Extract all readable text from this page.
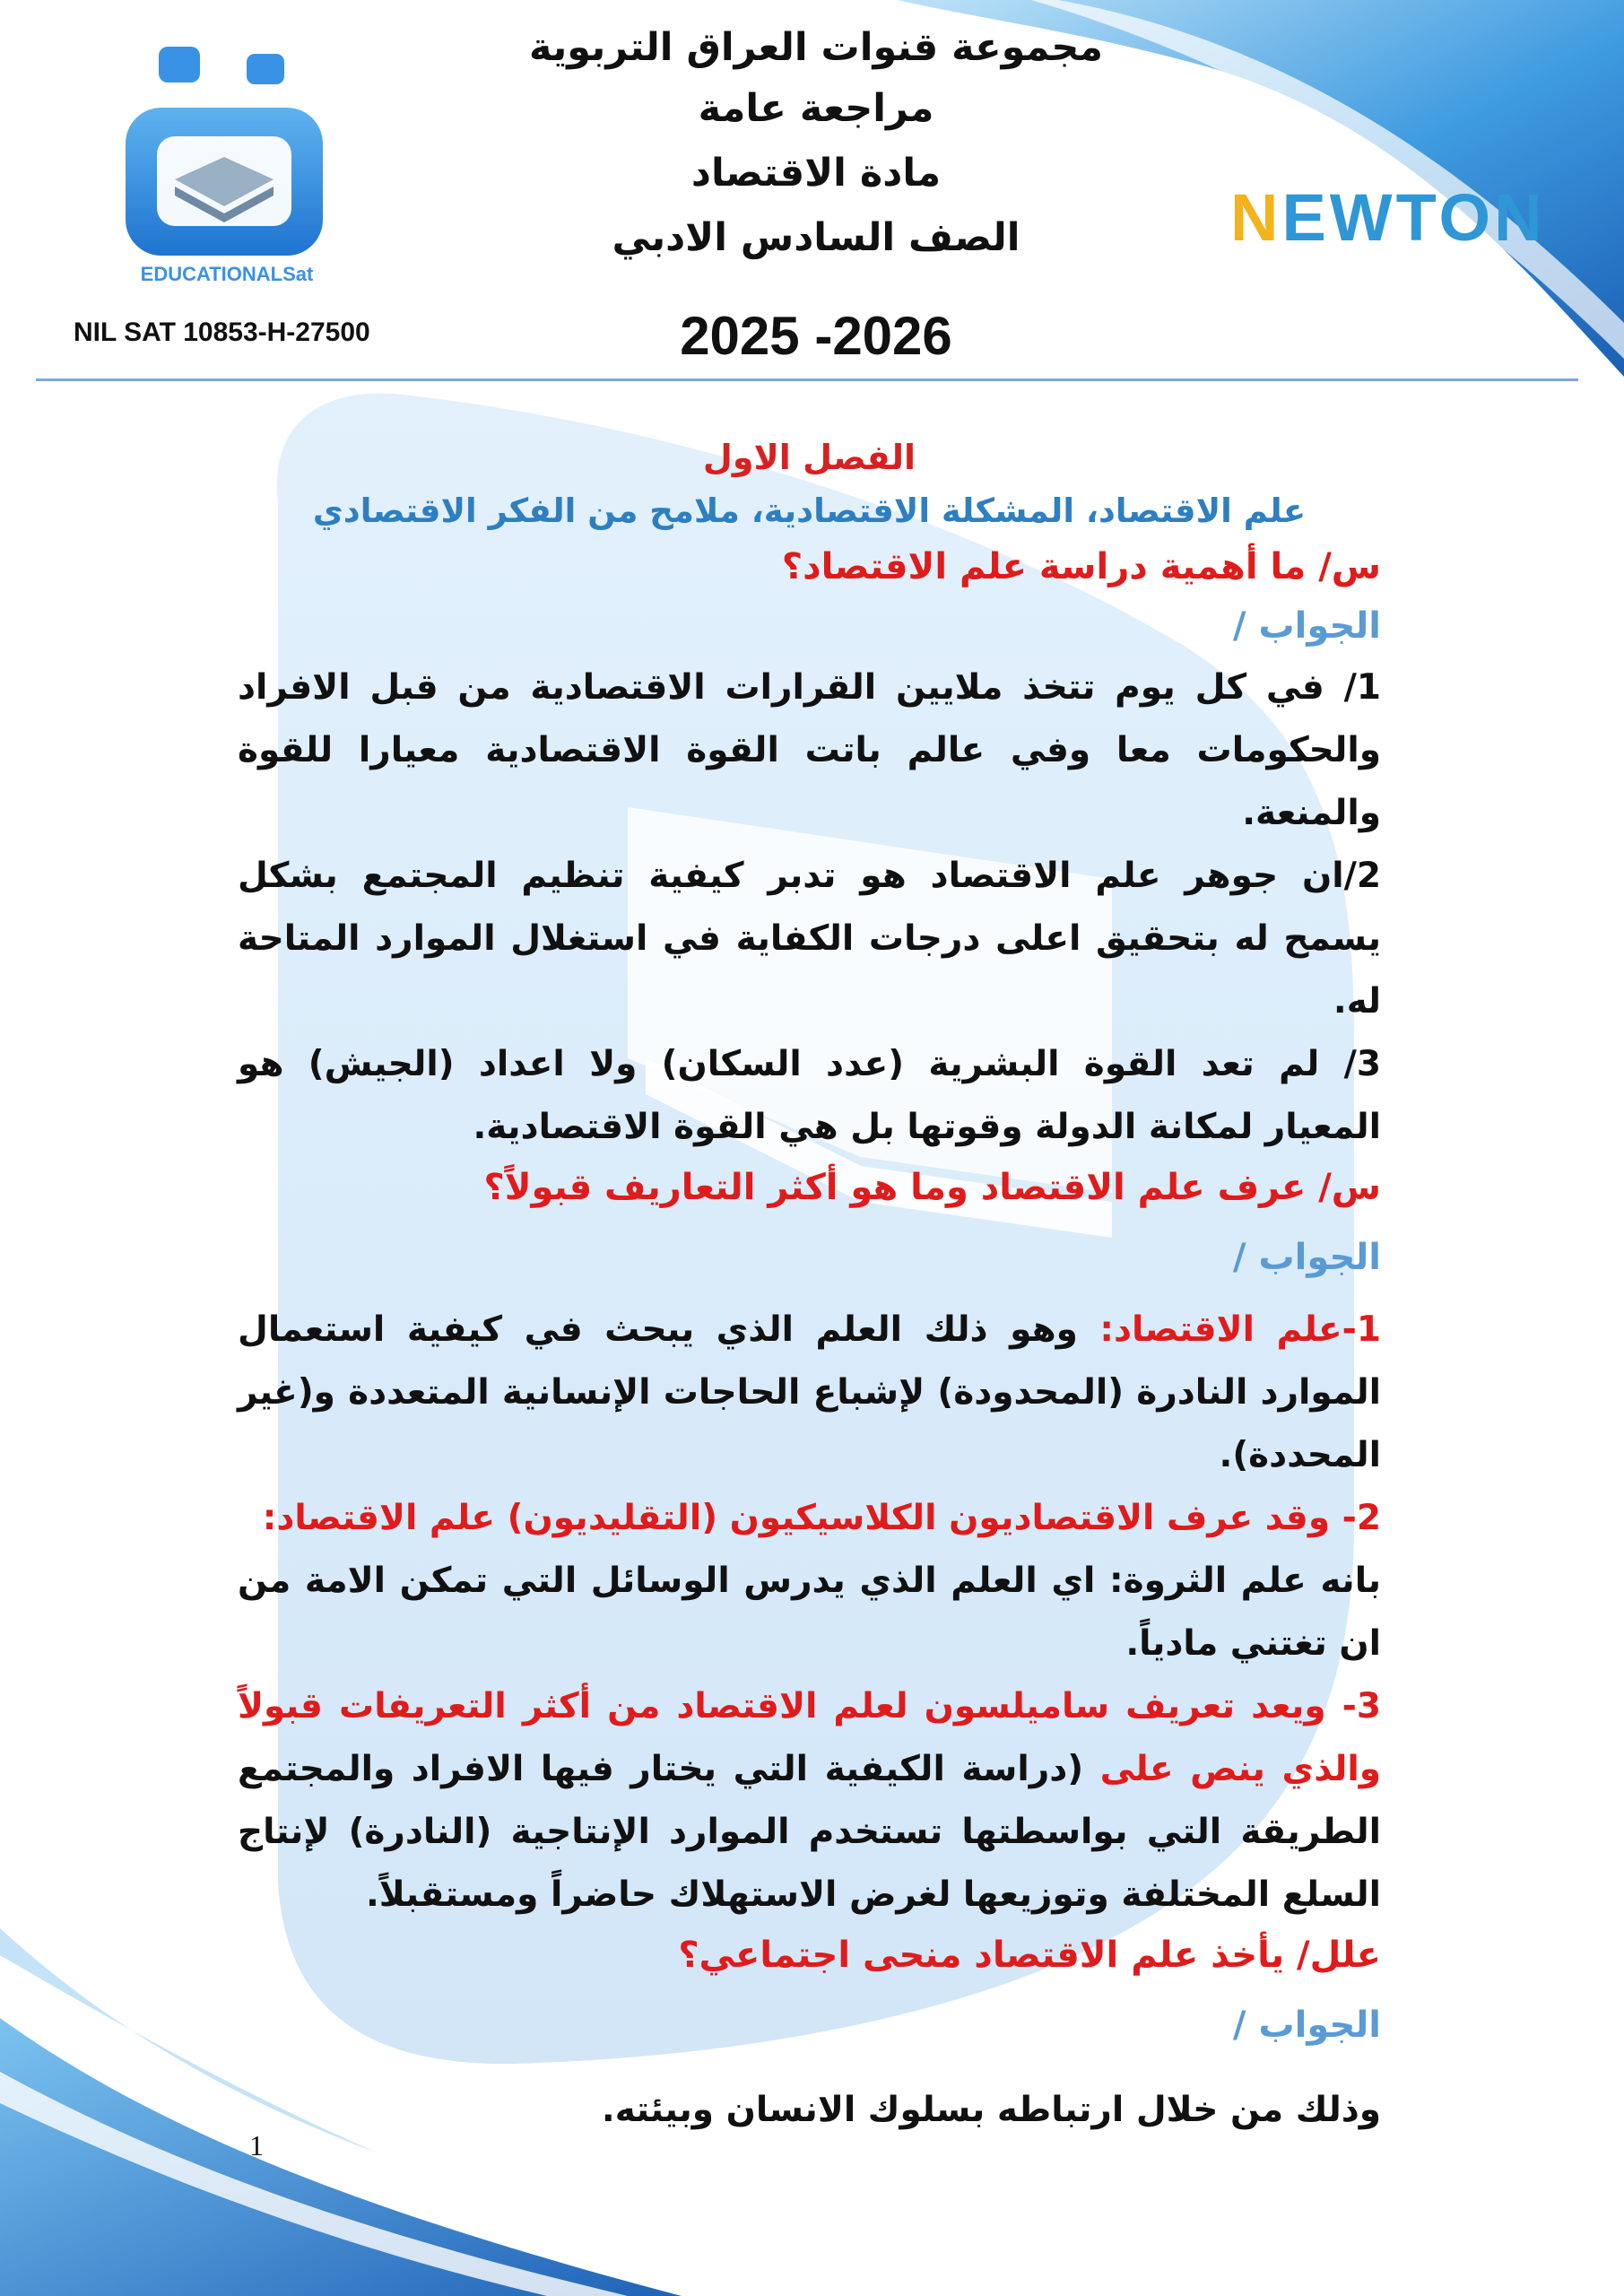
EDUCATIONALSat
مجموعة قنوات العراق التربوية
مراجعة عامة
مادة الاقتصاد
الصف السادس الادبي
2025 -2026
NIL SAT 10853-H-27500
NEWTON

الفصل الاول

علم الاقتصاد، المشكلة الاقتصادية، ملامح من الفكر الاقتصادي

س/ ما أهمية دراسة علم الاقتصاد؟

الجواب /

1/ في كل يوم تتخذ ملايين القرارات الاقتصادية من قبل الافراد والحكومات معا وفي عالم باتت القوة الاقتصادية معيارا للقوة والمنعة.

2/ان جوهر علم الاقتصاد هو تدبر كيفية تنظيم المجتمع بشكل يسمح له بتحقيق اعلى درجات الكفاية في استغلال الموارد المتاحة له.

3/ لم تعد القوة البشرية (عدد السكان) ولا اعداد (الجيش) هو المعيار لمكانة الدولة وقوتها بل هي القوة الاقتصادية.

س/ عرف علم الاقتصاد وما هو أكثر التعاريف قبولاً؟

الجواب /

1-علم الاقتصاد: وهو ذلك العلم الذي يبحث في كيفية استعمال الموارد النادرة (المحدودة) لإشباع الحاجات الإنسانية المتعددة و(غير المحددة).

2- وقد عرف الاقتصاديون الكلاسيكيون (التقليديون) علم الاقتصاد:

بانه علم الثروة: اي العلم الذي يدرس الوسائل التي تمكن الامة من ان تغتني مادياً.

3- ويعد تعريف ساميلسون لعلم الاقتصاد من أكثر التعريفات قبولاً والذي ينص على (دراسة الكيفية التي يختار فيها الافراد والمجتمع الطريقة التي بواسطتها تستخدم الموارد الإنتاجية (النادرة) لإنتاج السلع المختلفة وتوزيعها لغرض الاستهلاك حاضراً ومستقبلاً.

علل/ يأخذ علم الاقتصاد منحى اجتماعي؟

الجواب /

وذلك من خلال ارتباطه بسلوك الانسان وبيئته.

1
